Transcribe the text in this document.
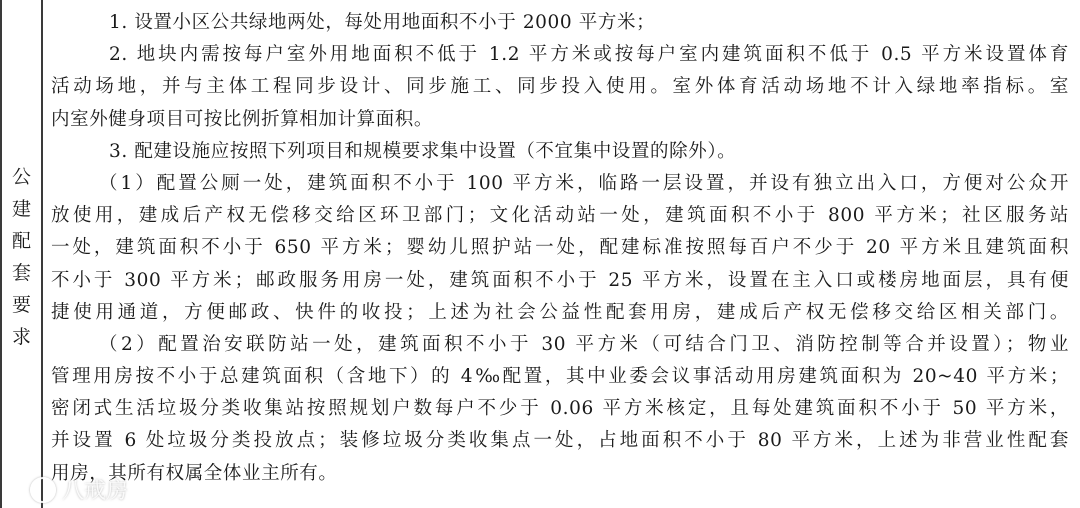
公
建
配
套
要
求
1. 设置小区公共绿地两处，每处用地面积不小于 2000 平方米；
2. 地块内需按每户室外用地面积不低于 1.2 平方米或按每户室内建筑面积不低于 0.5 平方米设置体育
活动场地，并与主体工程同步设计、同步施工、同步投入使用。室外体育活动场地不计入绿地率指标。室
内室外健身项目可按比例折算相加计算面积。
3. 配建设施应按照下列项目和规模要求集中设置（不宜集中设置的除外）。
（1）配置公厕一处，建筑面积不小于 100 平方米，临路一层设置，并设有独立出入口，方便对公众开
放使用，建成后产权无偿移交给区环卫部门；文化活动站一处，建筑面积不小于 800 平方米；社区服务站
一处，建筑面积不小于 650 平方米；婴幼儿照护站一处，配建标准按照每百户不少于 20 平方米且建筑面积
不小于 300 平方米；邮政服务用房一处，建筑面积不小于 25 平方米，设置在主入口或楼房地面层，具有便
捷使用通道，方便邮政、快件的收投；上述为社会公益性配套用房，建成后产权无偿移交给区相关部门。
（2）配置治安联防站一处，建筑面积不小于 30 平方米（可结合门卫、消防控制等合并设置）；物业
管理用房按不小于总建筑面积（含地下）的 4‰配置，其中业委会议事活动用房建筑面积为 20~40 平方米；
密闭式生活垃圾分类收集站按照规划户数每户不少于 0.06 平方米核定，且每处建筑面积不小于 50 平方米，
并设置 6 处垃圾分类投放点；装修垃圾分类收集点一处，占地面积不小于 80 平方米，上述为非营业性配套
用房，其所有权属全体业主所有。
八戒房
